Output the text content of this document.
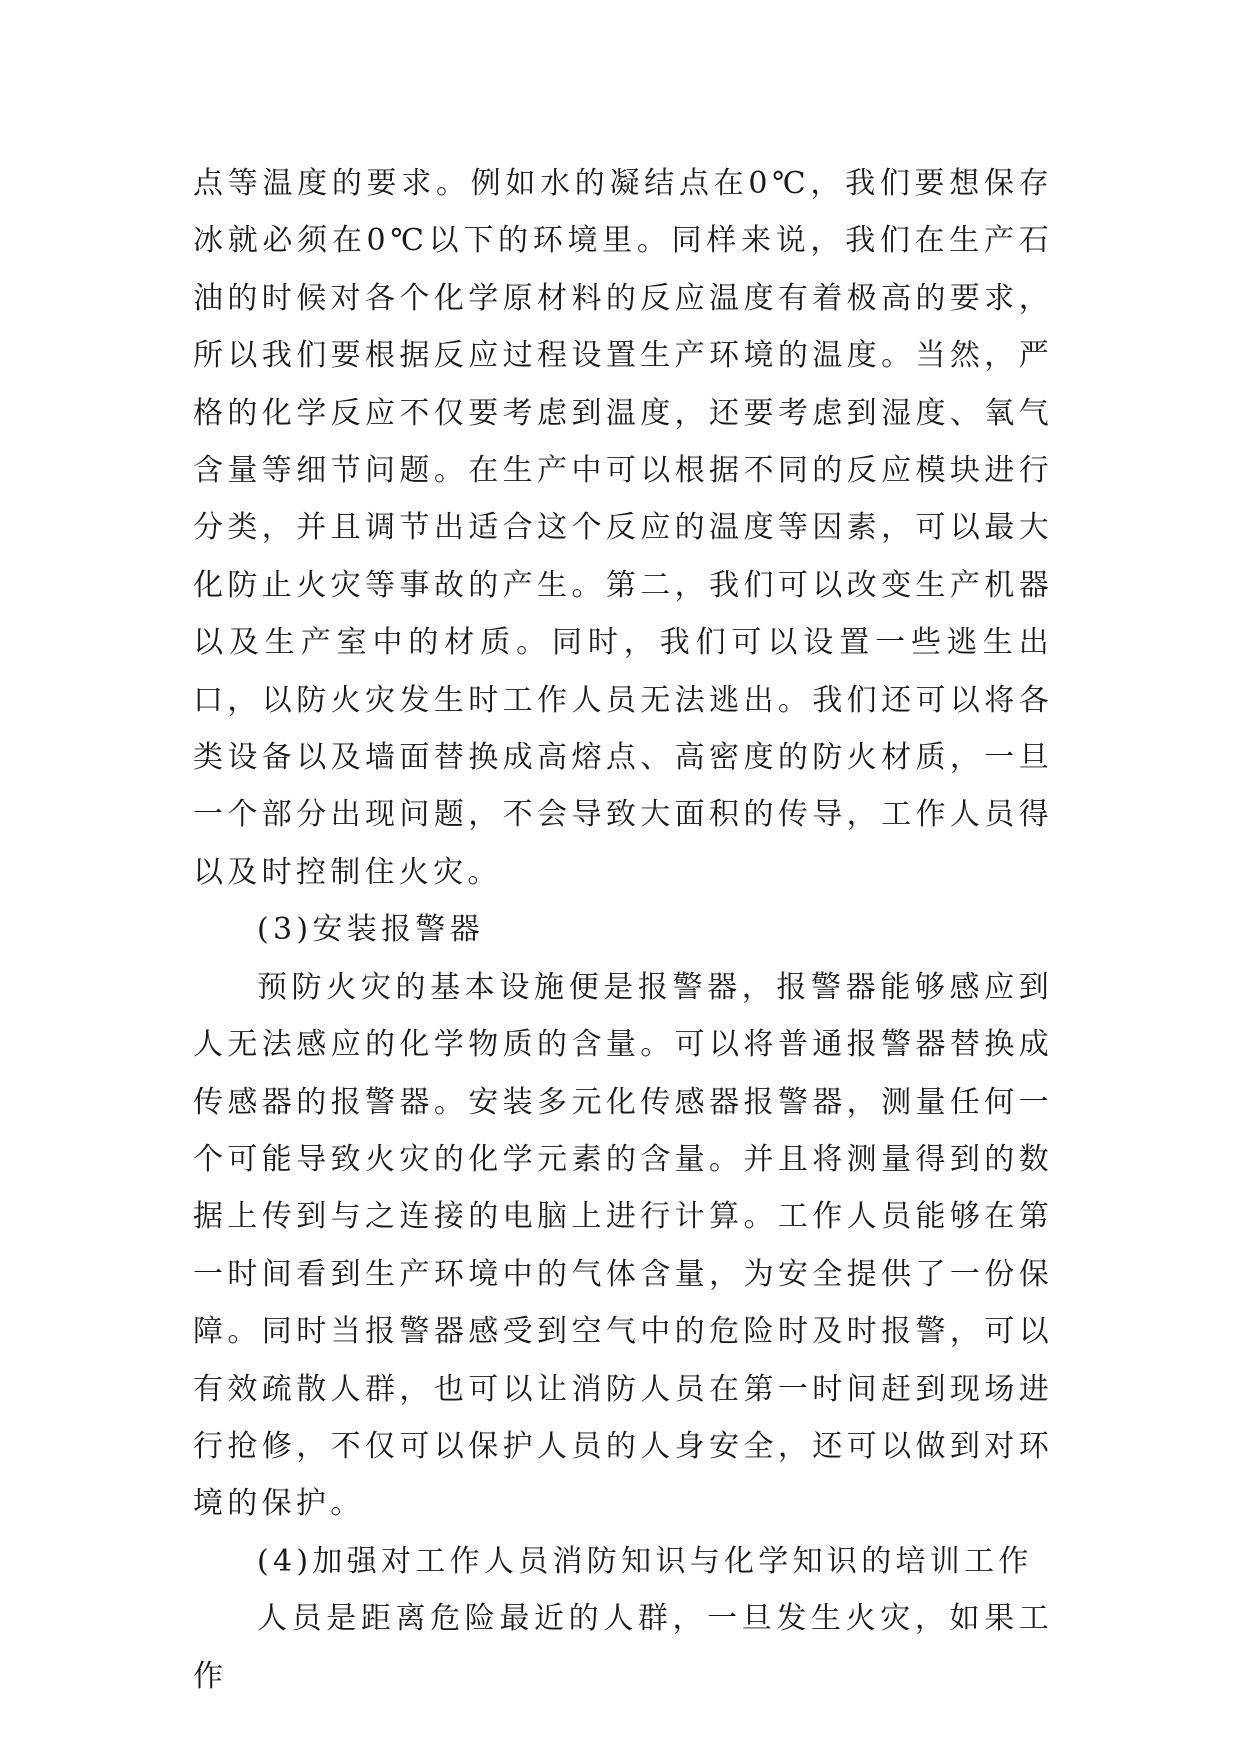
点等温度的要求。例如水的凝结点在0℃，我们要想保存冰就必须在0℃以下的环境里。同样来说，我们在生产石油的时候对各个化学原材料的反应温度有着极高的要求，所以我们要根据反应过程设置生产环境的温度。当然，严格的化学反应不仅要考虑到温度，还要考虑到湿度、氧气含量等细节问题。在生产中可以根据不同的反应模块进行分类，并且调节出适合这个反应的温度等因素，可以最大化防止火灾等事故的产生。第二，我们可以改变生产机器以及生产室中的材质。同时，我们可以设置一些逃生出口，以防火灾发生时工作人员无法逃出。我们还可以将各类设备以及墙面替换成高熔点、高密度的防火材质，一旦一个部分出现问题，不会导致大面积的传导，工作人员得以及时控制住火灾。

(3)安装报警器

预防火灾的基本设施便是报警器，报警器能够感应到人无法感应的化学物质的含量。可以将普通报警器替换成传感器的报警器。安装多元化传感器报警器，测量任何一个可能导致火灾的化学元素的含量。并且将测量得到的数据上传到与之连接的电脑上进行计算。工作人员能够在第一时间看到生产环境中的气体含量，为安全提供了一份保障。同时当报警器感受到空气中的危险时及时报警，可以有效疏散人群，也可以让消防人员在第一时间赶到现场进行抢修，不仅可以保护人员的人身安全，还可以做到对环境的保护。

(4)加强对工作人员消防知识与化学知识的培训工作

人员是距离危险最近的人群，一旦发生火灾，如果工作
